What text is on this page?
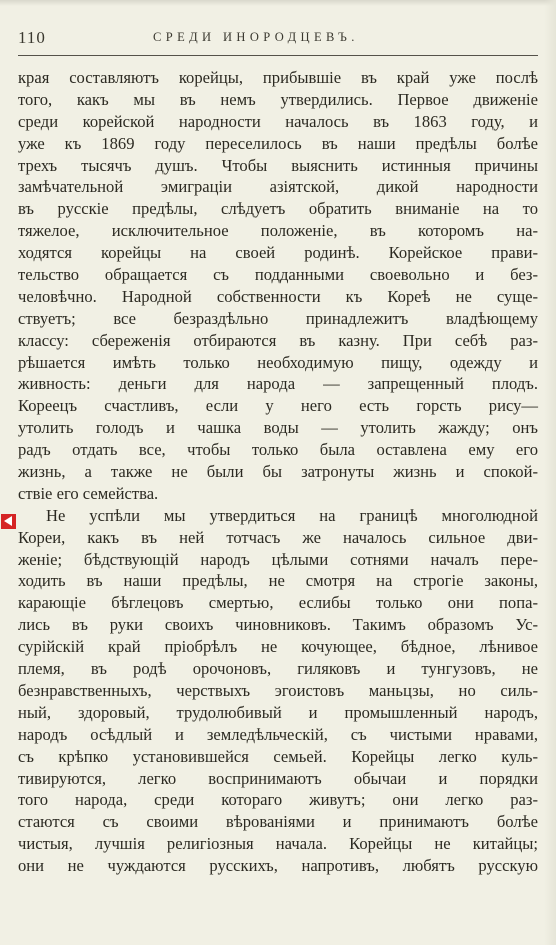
110	СРЕДИ ИНОРОДЦЕВЪ.
края составляютъ корейцы, прибывшіе въ край уже послѣ
того, какъ мы въ немъ утвердились. Первое движеніе
среди корейской народности началось въ 1863 году, и
уже къ 1869 году переселилось въ наши предѣлы болѣе
трехъ тысячъ душъ. Чтобы выяснить истинныя причины
замѣчательной эмиграціи азіятской, дикой народности
въ русскіе предѣлы, слѣдуетъ обратить вниманіе на то
тяжелое, исключительное положеніе, въ которомъ на-
ходятся корейцы на своей родинѣ. Корейское прави-
тельство обращается съ подданными своевольно и без-
человѣчно. Народной собственности къ Кореѣ не суще-
ствуетъ; все безраздѣльно принадлежитъ владѣющему
классу: сбереженія отбираются въ казну. При себѣ раз-
рѣшается имѣть только необходимую пищу, одежду и
живность: деньги для народа — запрещенный плодъ.
Кореецъ счастливъ, если у него есть горсть рису—
утолить голодъ и чашка воды — утолить жажду; онъ
радъ отдать все, чтобы только была оставлена ему его
жизнь, а также не были бы затронуты жизнь и спокой-
ствіе его семейства.
Не успѣли мы утвердиться на границѣ многолюдной
Кореи, какъ въ ней тотчасъ же началось сильное дви-
женіе; бѣдствующій народъ цѣлыми сотнями началъ пере-
ходить въ наши предѣлы, не смотря на строгіе законы,
карающіе бѣглецовъ смертью, еслибы только они попа-
лись въ руки своихъ чиновниковъ. Такимъ образомъ Ус-
сурійскій край пріобрѣлъ не кочующее, бѣдное, лѣнивое
племя, въ родѣ орочоновъ, гиляковъ и тунгузовъ, не
безнравственныхъ, черствыхъ эгоистовъ маньцзы, но силь-
ный, здоровый, трудолюбивый и промышленный народъ,
народъ осѣдлый и земледѣльческій, съ чистыми нравами,
съ крѣпко установившейся семьей. Корейцы легко куль-
тивируются, легко воспринимаютъ обычаи и порядки
того народа, среди котораго живутъ; они легко раз-
стаются съ своими вѣрованіями и принимаютъ болѣе
чистыя, лучшія религіозныя начала. Корейцы не китайцы;
они не чуждаются русскихъ, напротивъ, любятъ русскую
